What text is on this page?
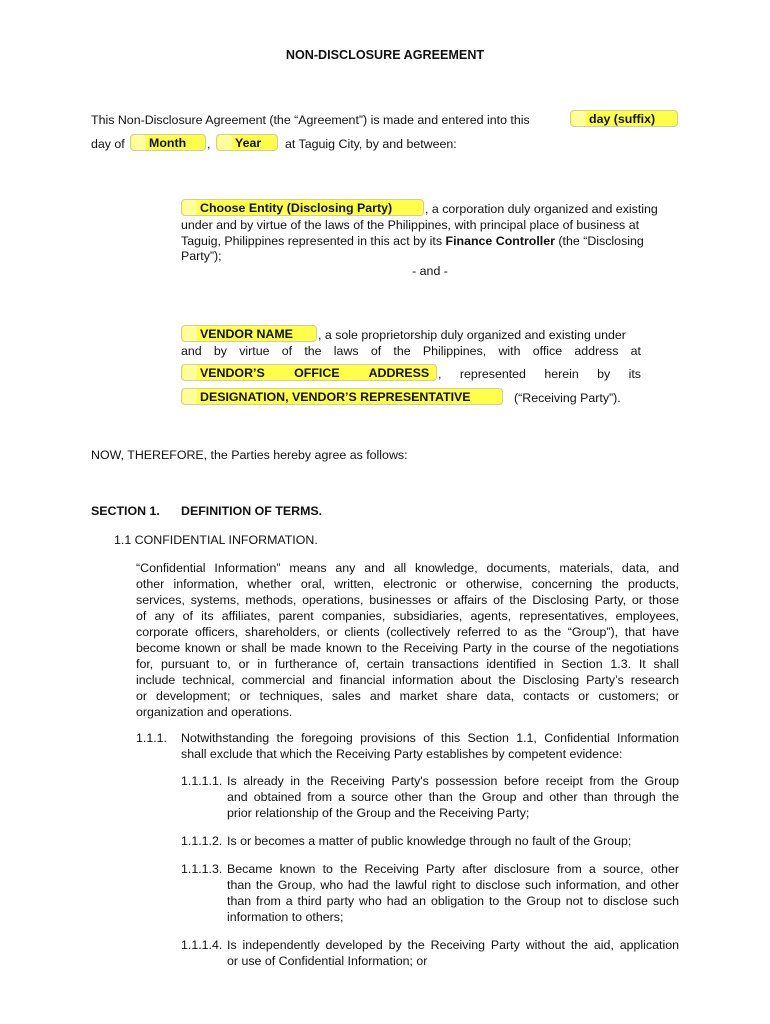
NON-DISCLOSURE AGREEMENT
This Non-Disclosure Agreement (the “Agreement”) is made and entered into this	day (suffix)
day of	Month	,	Year	at Taguig City, by and between:
Choose Entity (Disclosing Party)	, a corporation duly organized and existing
under and by virtue of the laws of the Philippines, with principal place of business at
Taguig, Philippines represented in this act by its Finance Controller (the “Disclosing
Party”);
- and -
VENDOR NAME	, a sole proprietorship duly organized and existing under
and by virtue of the laws of the Philippines, with office address at
VENDOR’S OFFICE ADDRESS , represented herein by its
DESIGNATION, VENDOR’S REPRESENTATIVE	(“Receiving Party”).
NOW, THEREFORE, the Parties hereby agree as follows:
SECTION 1. DEFINITION OF TERMS.
1.1 CONFIDENTIAL INFORMATION.
“Confidential Information” means any and all knowledge, documents, materials, data, and
other information, whether oral, written, electronic or otherwise, concerning the products,
services, systems, methods, operations, businesses or affairs of the Disclosing Party, or those
of any of its affiliates, parent companies, subsidiaries, agents, representatives, employees,
corporate officers, shareholders, or clients (collectively referred to as the “Group”), that have
become known or shall be made known to the Receiving Party in the course of the negotiations
for, pursuant to, or in furtherance of, certain transactions identified in Section 1.3. It shall
include technical, commercial and financial information about the Disclosing Party’s research
or development; or techniques, sales and market share data, contacts or customers; or
organization and operations.
1.1.1. Notwithstanding the foregoing provisions of this Section 1.1, Confidential Information
shall exclude that which the Receiving Party establishes by competent evidence:
1.1.1.1. Is already in the Receiving Party's possession before receipt from the Group
and obtained from a source other than the Group and other than through the
prior relationship of the Group and the Receiving Party;
1.1.1.2. Is or becomes a matter of public knowledge through no fault of the Group;
1.1.1.3. Became known to the Receiving Party after disclosure from a source, other
than the Group, who had the lawful right to disclose such information, and other
than from a third party who had an obligation to the Group not to disclose such
information to others;
1.1.1.4. Is independently developed by the Receiving Party without the aid, application
or use of Confidential Information; or
